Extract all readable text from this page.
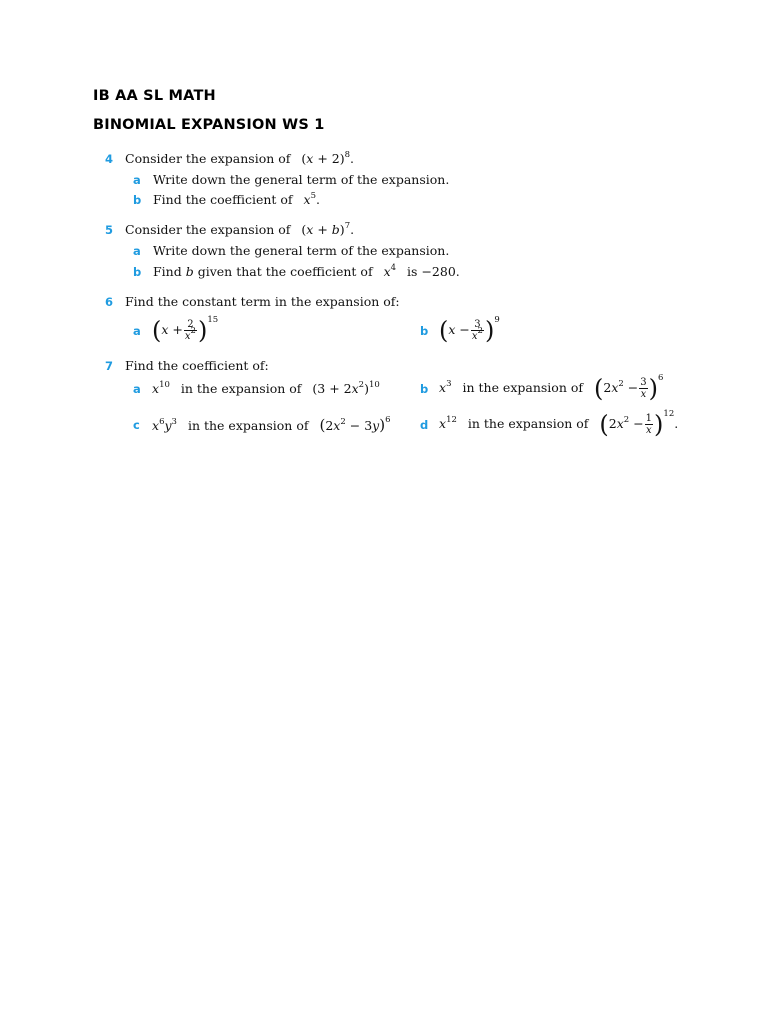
IB AA SL MATH
BINOMIAL EXPANSION WS 1
4 Consider the expansion of $(x + 2)^8$.
a Write down the general term of the expansion.
b Find the coefficient of $x^5$.
5 Consider the expansion of $(x + b)^7$.
a Write down the general term of the expansion.
b Find b given that the coefficient of $x^4$ is −280.
6 Find the constant term in the expansion of:
a $(x + \frac{2}{x^2} )^{15}$
b $(x - \frac{3}{x^2} )^9$
7 Find the coefficient of:
a $x^{10}$ in the expansion of $(3 + 2x^2)^{10}$	b $x^3$ in the expansion of $(2x^2 - \frac{3}{x} )^6$
c $x^6y^3$ in the expansion of $(2x^2 - 3y)^6$	d $x^{12}$ in the expansion of $(2x^2 - \frac{1}{x} )^{12}$.
